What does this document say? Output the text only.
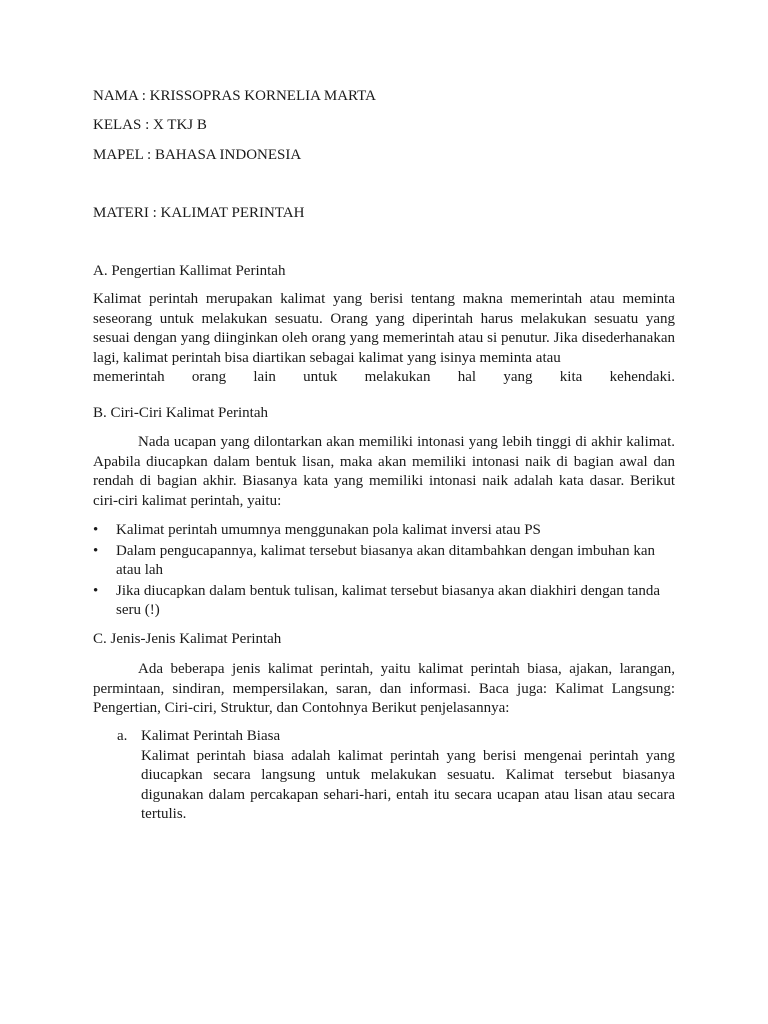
NAMA : KRISSOPRAS KORNELIA MARTA

KELAS : X TKJ B

MAPEL : BAHASA INDONESIA

MATERI : KALIMAT PERINTAH

A. Pengertian Kallimat Perintah

Kalimat perintah merupakan kalimat yang berisi tentang makna memerintah atau meminta seseorang untuk melakukan sesuatu. Orang yang diperintah harus melakukan sesuatu yang sesuai dengan yang diinginkan oleh orang yang memerintah atau si penutur. Jika disederhanakan lagi, kalimat perintah bisa diartikan sebagai kalimat yang isinya meminta atau

memerintah orang lain untuk melakukan hal yang kita kehendaki.

B. Ciri-Ciri Kalimat Perintah

Nada ucapan yang dilontarkan akan memiliki intonasi yang lebih tinggi di akhir kalimat. Apabila diucapkan dalam bentuk lisan, maka akan memiliki intonasi naik di bagian awal dan rendah di bagian akhir. Biasanya kata yang memiliki intonasi naik adalah kata dasar. Berikut ciri-ciri kalimat perintah, yaitu:

•	Kalimat perintah umumnya menggunakan pola kalimat inversi atau PS
•	Dalam pengucapannya, kalimat tersebut biasanya akan ditambahkan dengan imbuhan kan atau lah
•	Jika diucapkan dalam bentuk tulisan, kalimat tersebut biasanya akan diakhiri dengan tanda seru (!)

C. Jenis-Jenis Kalimat Perintah

Ada beberapa jenis kalimat perintah, yaitu kalimat perintah biasa, ajakan, larangan, permintaan, sindiran, mempersilakan, saran, dan informasi. Baca juga: Kalimat Langsung: Pengertian, Ciri-ciri, Struktur, dan Contohnya Berikut penjelasannya:

a. Kalimat Perintah Biasa

Kalimat perintah biasa adalah kalimat perintah yang berisi mengenai perintah yang diucapkan secara langsung untuk melakukan sesuatu. Kalimat tersebut biasanya digunakan dalam percakapan sehari-hari, entah itu secara ucapan atau lisan atau secara tertulis.
